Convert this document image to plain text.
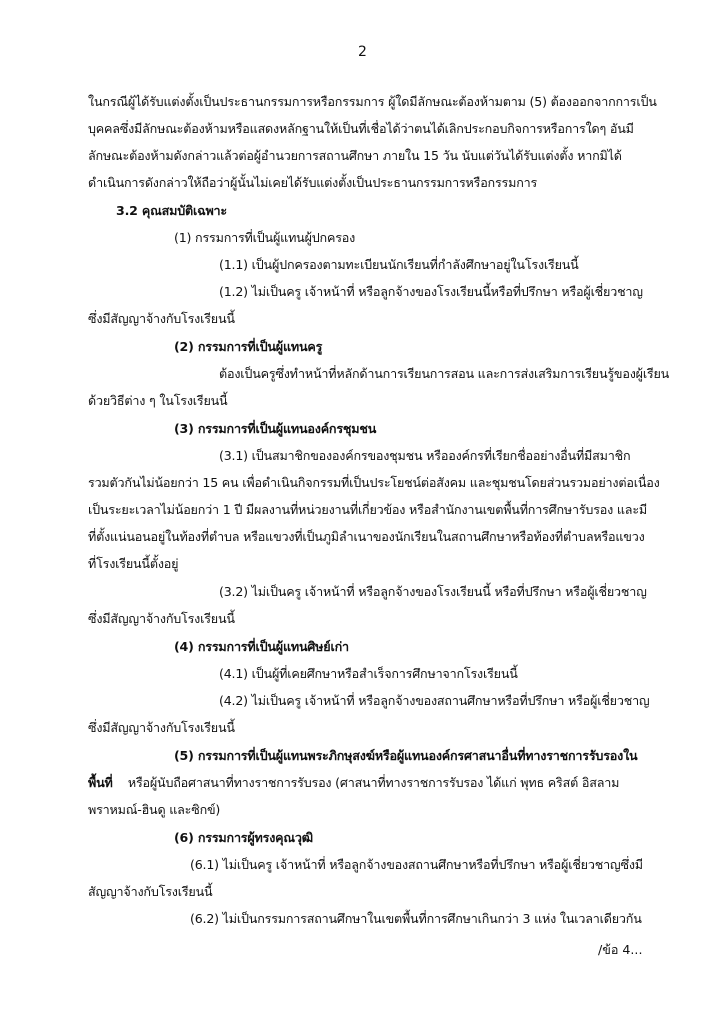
2
ในกรณีผู้ได้รับแต่งตั้งเป็นประธานกรรมการหรือกรรมการ ผู้ใดมีลักษณะต้องห้ามตาม (5) ต้องออกจากการเป็น
บุคคลซึ่งมีลักษณะต้องห้ามหรือแสดงหลักฐานให้เป็นที่เชื่อได้ว่าตนได้เลิกประกอบกิจการหรือการใดๆ อันมี
ลักษณะต้องห้ามดังกล่าวแล้วต่อผู้อำนวยการสถานศึกษา ภายใน 15 วัน นับแต่วันได้รับแต่งตั้ง หากมิได้
ดำเนินการดังกล่าวให้ถือว่าผู้นั้นไม่เคยได้รับแต่งตั้งเป็นประธานกรรมการหรือกรรมการ
3.2 คุณสมบัติเฉพาะ
(1) กรรมการที่เป็นผู้แทนผู้ปกครอง
(1.1) เป็นผู้ปกครองตามทะเบียนนักเรียนที่กำลังศึกษาอยู่ในโรงเรียนนี้
(1.2) ไม่เป็นครู เจ้าหน้าที่ หรือลูกจ้างของโรงเรียนนี้หรือที่ปรึกษา หรือผู้เชี่ยวชาญ
ซึ่งมีสัญญาจ้างกับโรงเรียนนี้
(2) กรรมการที่เป็นผู้แทนครู
ต้องเป็นครูซึ่งทำหน้าที่หลักด้านการเรียนการสอน และการส่งเสริมการเรียนรู้ของผู้เรียน
ด้วยวิธีต่าง ๆ ในโรงเรียนนี้
(3) กรรมการที่เป็นผู้แทนองค์กรชุมชน
(3.1) เป็นสมาชิกขององค์กรของชุมชน หรือองค์กรที่เรียกชื่ออย่างอื่นที่มีสมาชิก
รวมตัวกันไม่น้อยกว่า 15 คน เพื่อดำเนินกิจกรรมที่เป็นประโยชน์ต่อสังคม และชุมชนโดยส่วนรวมอย่างต่อเนื่อง
เป็นระยะเวลาไม่น้อยกว่า 1 ปี มีผลงานที่หน่วยงานที่เกี่ยวข้อง หรือสำนักงานเขตพื้นที่การศึกษารับรอง และมี
ที่ตั้งแน่นอนอยู่ในท้องที่ตำบล หรือแขวงที่เป็นภูมิลำเนาของนักเรียนในสถานศึกษาหรือท้องที่ตำบลหรือแขวง
ที่โรงเรียนนี้ตั้งอยู่
(3.2) ไม่เป็นครู เจ้าหน้าที่ หรือลูกจ้างของโรงเรียนนี้ หรือที่ปรึกษา หรือผู้เชี่ยวชาญ
ซึ่งมีสัญญาจ้างกับโรงเรียนนี้
(4) กรรมการที่เป็นผู้แทนศิษย์เก่า
(4.1) เป็นผู้ที่เคยศึกษาหรือสำเร็จการศึกษาจากโรงเรียนนี้
(4.2) ไม่เป็นครู เจ้าหน้าที่ หรือลูกจ้างของสถานศึกษาหรือที่ปรึกษา หรือผู้เชี่ยวชาญ
ซึ่งมีสัญญาจ้างกับโรงเรียนนี้
(5) กรรมการที่เป็นผู้แทนพระภิกษุสงฆ์หรือผู้แทนองค์กรศาสนาอื่นที่ทางราชการรับรองใน
พื้นที่ หรือผู้นับถือศาสนาที่ทางราชการรับรอง (ศาสนาที่ทางราชการรับรอง ได้แก่ พุทธ คริสต์ อิสลาม
พราหมณ์-ฮินดู และซิกข์)
(6) กรรมการผู้ทรงคุณวุฒิ
(6.1) ไม่เป็นครู เจ้าหน้าที่ หรือลูกจ้างของสถานศึกษาหรือที่ปรึกษา หรือผู้เชี่ยวชาญซึ่งมี
สัญญาจ้างกับโรงเรียนนี้
(6.2) ไม่เป็นกรรมการสถานศึกษาในเขตพื้นที่การศึกษาเกินกว่า 3 แห่ง ในเวลาเดียวกัน
/ข้อ 4...
